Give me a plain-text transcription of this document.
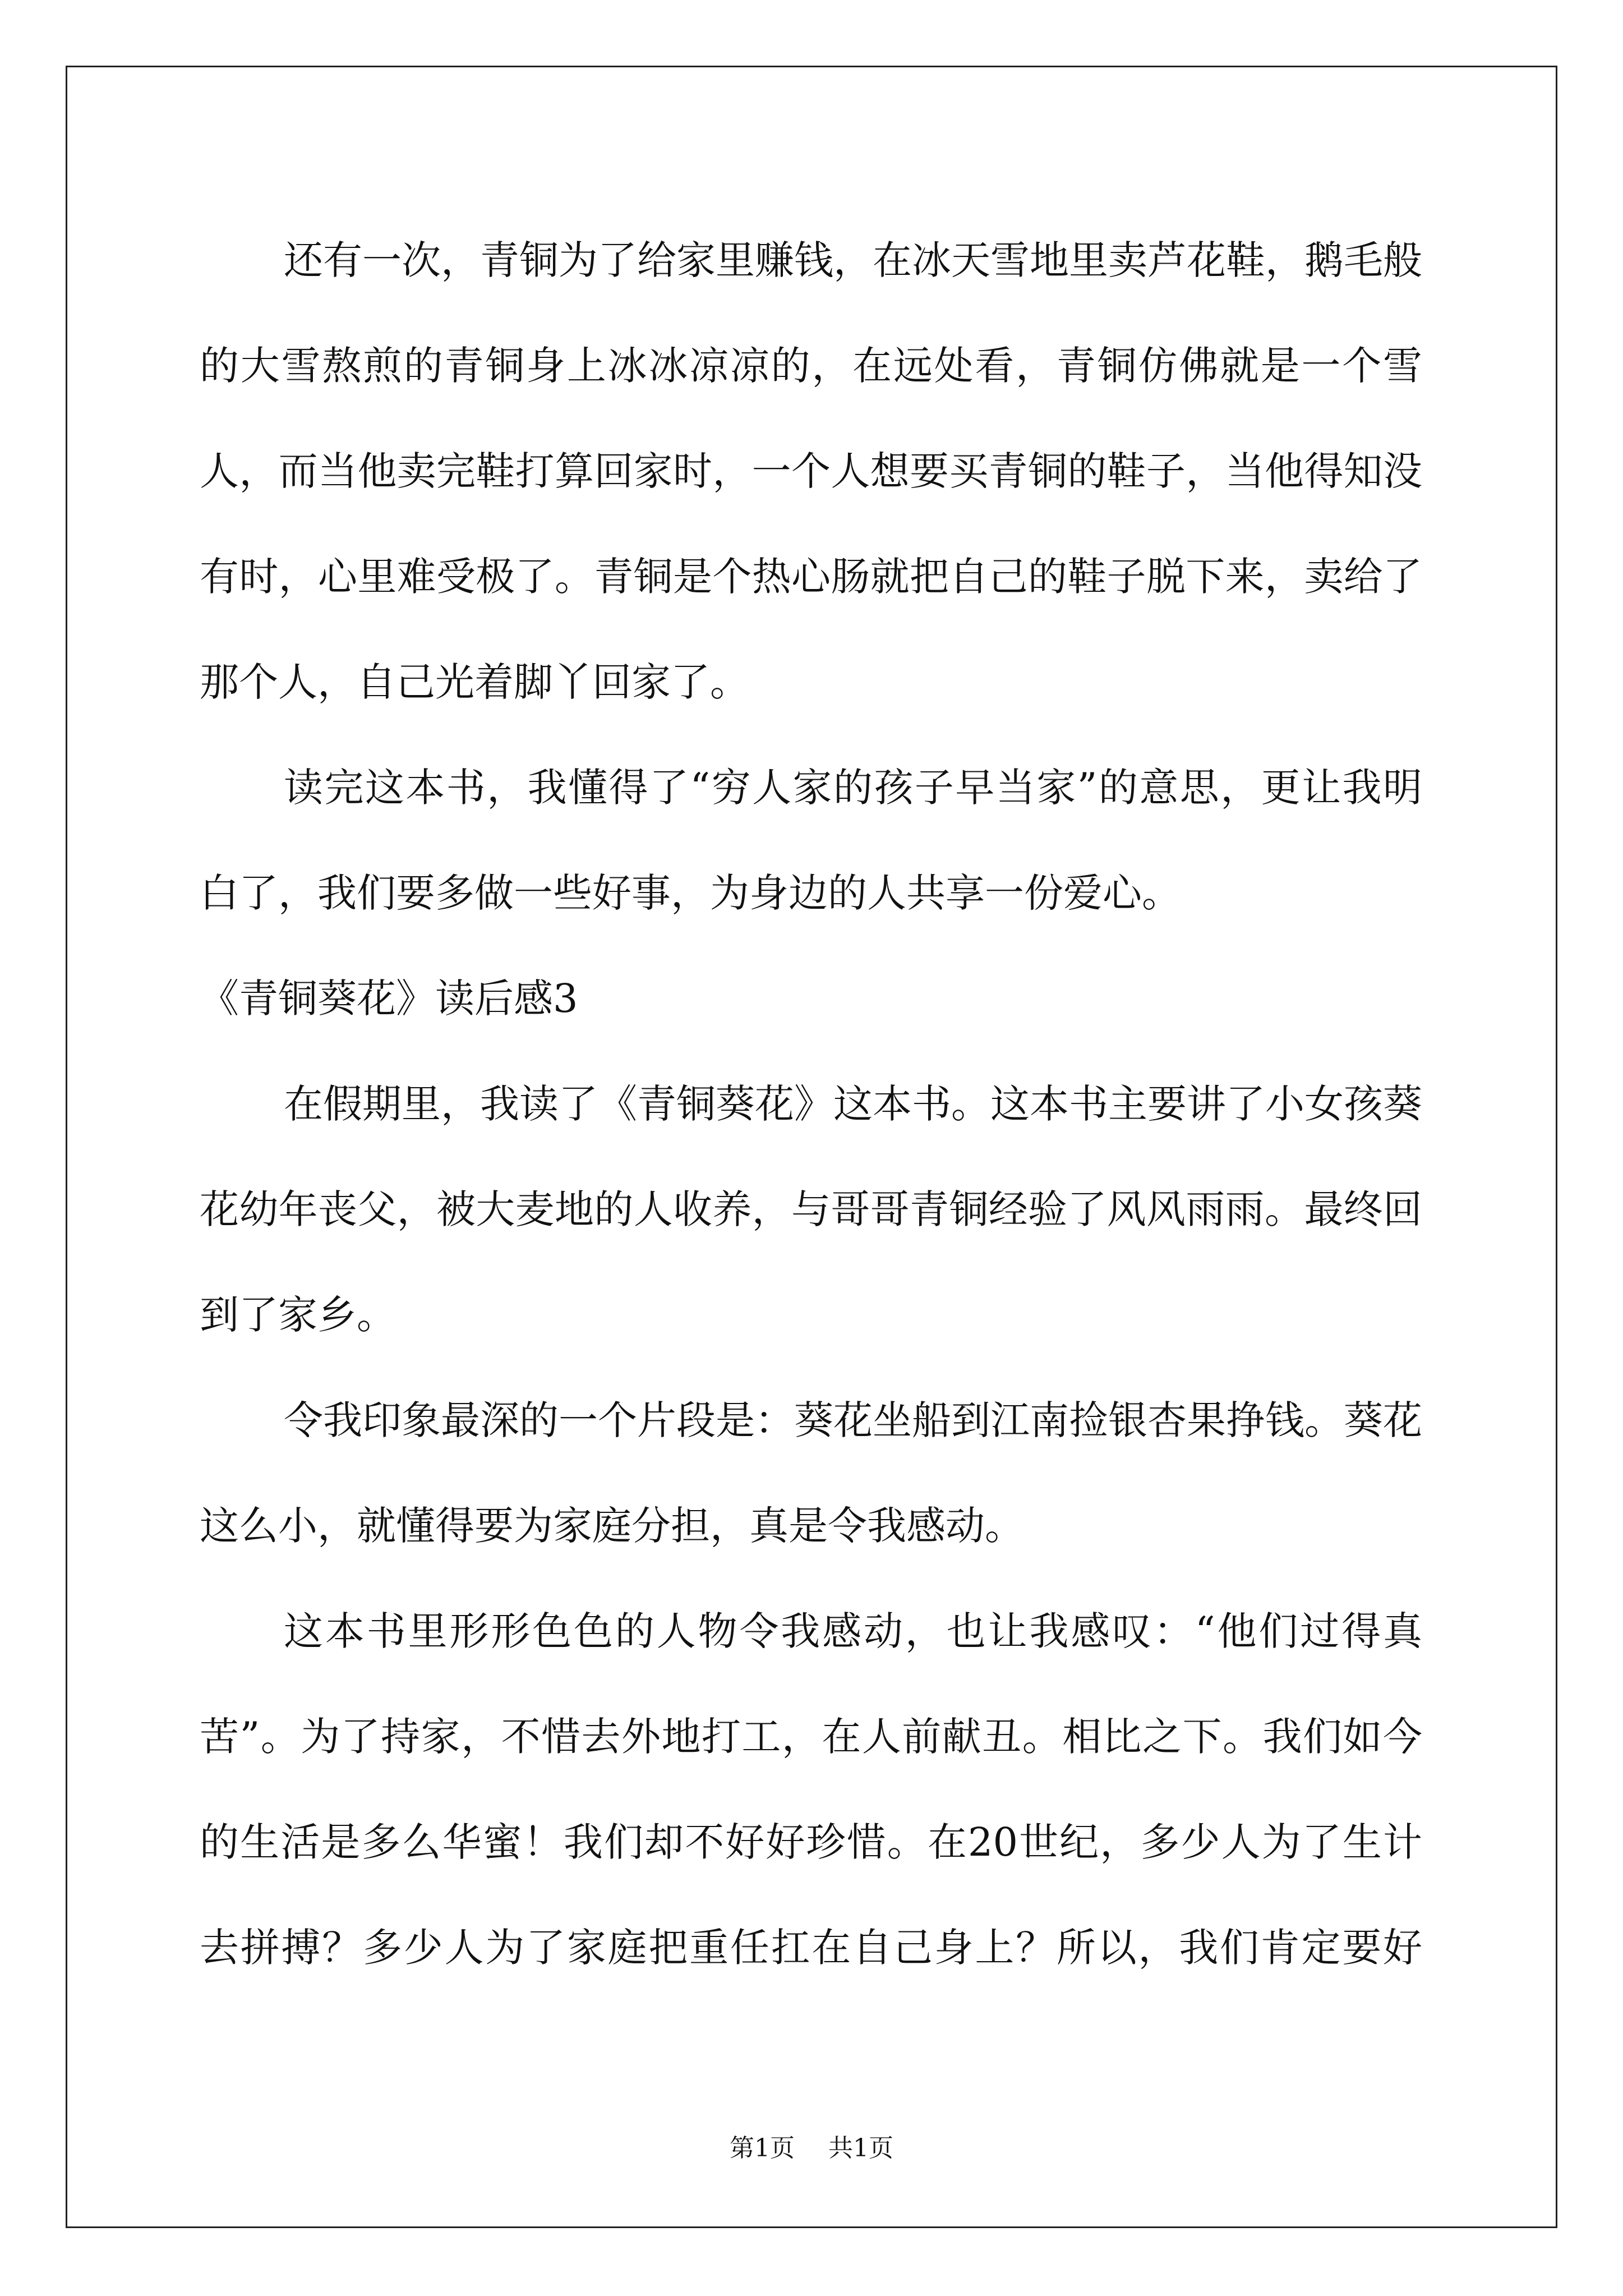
还有一次，青铜为了给家里赚钱，在冰天雪地里卖芦花鞋，鹅毛般的大雪熬煎的青铜身上冰冰凉凉的，在远处看，青铜仿佛就是一个雪人，而当他卖完鞋打算回家时，一个人想要买青铜的鞋子，当他得知没有时，心里难受极了。青铜是个热心肠就把自己的鞋子脱下来，卖给了那个人，自己光着脚丫回家了。

读完这本书，我懂得了“穷人家的孩子早当家”的意思，更让我明白了，我们要多做一些好事，为身边的人共享一份爱心。

《青铜葵花》读后感3

在假期里，我读了《青铜葵花》这本书。这本书主要讲了小女孩葵花幼年丧父，被大麦地的人收养，与哥哥青铜经验了风风雨雨。最终回到了家乡。

令我印象最深的一个片段是：葵花坐船到江南捡银杏果挣钱。葵花这么小，就懂得要为家庭分担，真是令我感动。

这本书里形形色色的人物令我感动，也让我感叹：“他们过得真苦”。为了持家，不惜去外地打工，在人前献丑。相比之下。我们如今的生活是多么华蜜！我们却不好好珍惜。在20世纪，多少人为了生计去拼搏？多少人为了家庭把重任扛在自己身上？所以，我们肯定要好

第1页 共1页
